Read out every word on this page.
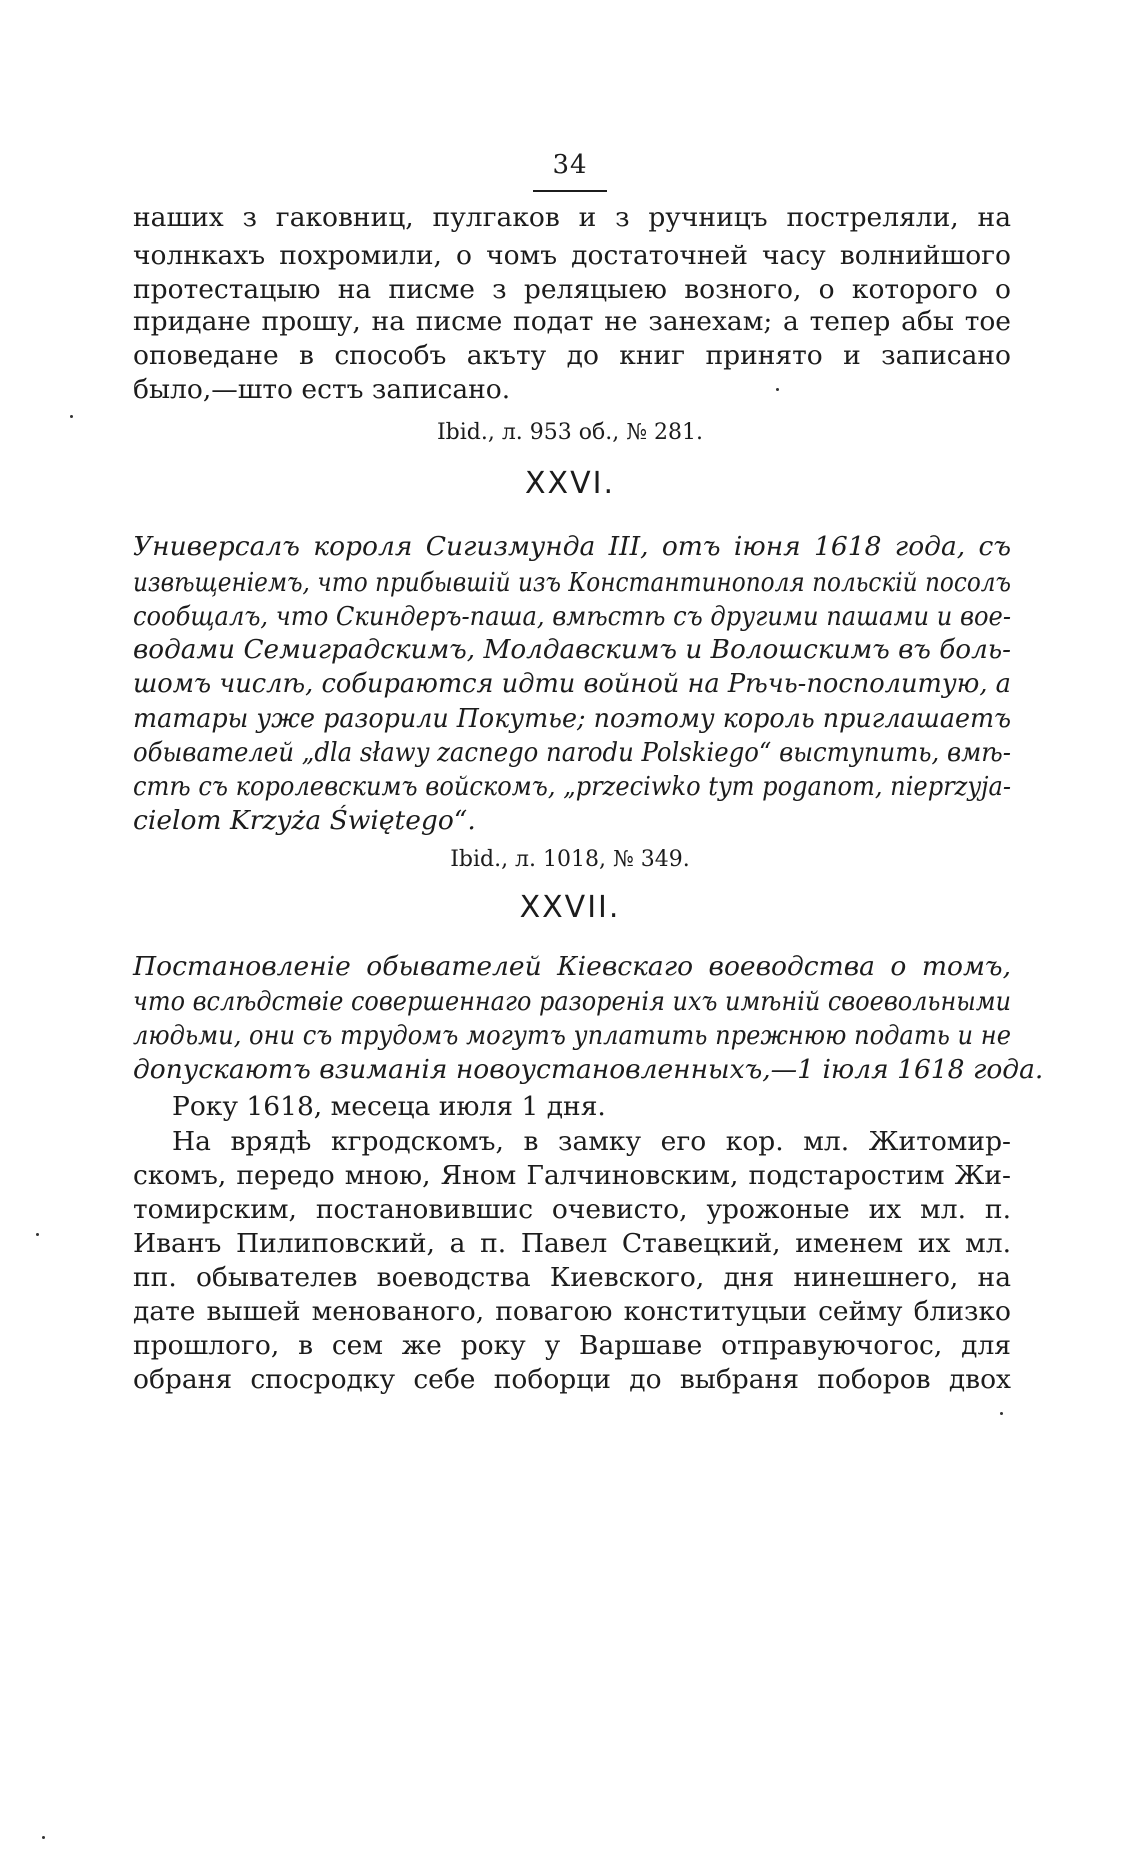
34
наших з гаковниц, пулгаков и з ручницъ постреляли, на
чолнкахъ похромили, о чомъ достаточней часу волнийшого
протестацыю на писме з реляцыею возного, о которого о
придане прошу, на писме подат не занехам; а тепер абы тое
оповедане в способъ акъту до книг принято и записано
было,—што естъ записано.
Ibid., л. 953 об., № 281.
XXVI.
Универсалъ короля Сигизмунда III, отъ іюня 1618 года, съ
извѣщеніемъ, что прибывшій изъ Константинополя польскій посолъ
сообщалъ, что Скиндеръ-паша, вмѣстѣ съ другими пашами и вое-
водами Семиградскимъ, Молдавскимъ и Волошскимъ въ боль-
шомъ числѣ, собираются идти войной на Рѣчь-посполитую, а
татары уже разорили Покутье; поэтому король приглашаетъ
обывателей „dla sławy zacnego narodu Polskiego“ выступить, вмѣ-
стѣ съ королевскимъ войскомъ, „przeciwko tym poganom, nieprzyja-
cielom Krzyża Świętego“.
Ibid., л. 1018, № 349.
XXVII.
Постановленіе обывателей Кіевскаго воеводства о томъ,
что вслѣдствіе совершеннаго разоренія ихъ имѣній своевольными
людьми, они съ трудомъ могутъ уплатить прежнюю подать и не
допускаютъ взиманія новоустановленныхъ,—1 іюля 1618 года.
Року 1618, месеца июля 1 дня.
На врядѣ кгродскомъ, в замку его кор. мл. Житомир-
скомъ, передо мною, Яном Галчиновским, подстаростим Жи-
томирским, постановившис очевисто, урожоные их мл. п.
Иванъ Пилиповский, а п. Павел Ставецкий, именем их мл.
пп. обывателев воеводства Киевского, дня нинешнего, на
дате вышей менованого, повагою конституцыи сейму близко
прошлого, в сем же року у Варшаве отправуючогос, для
обраня спосродку себе поборци до выбраня поборов двох
